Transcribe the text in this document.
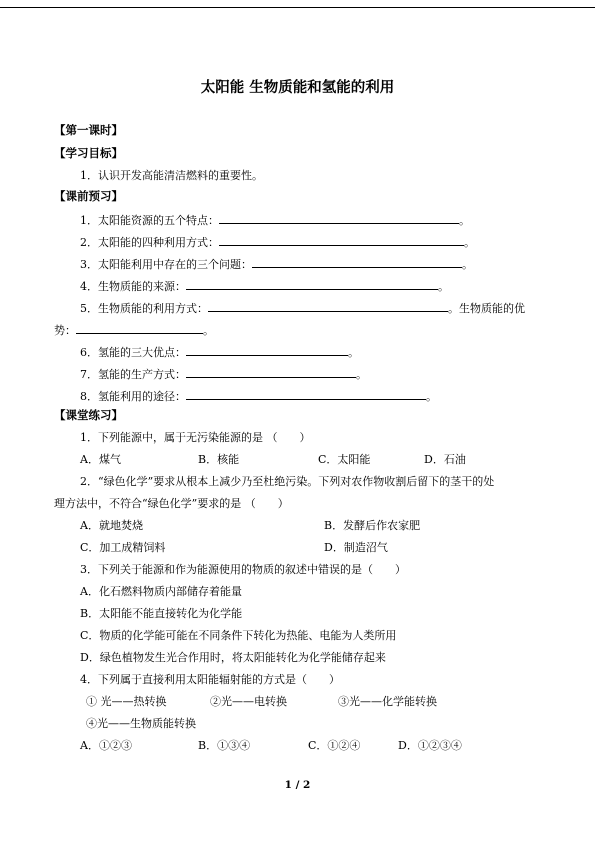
太阳能 生物质能和氢能的利用
【第一课时】
【学习目标】
1．认识开发高能清洁燃料的重要性。
【课前预习】
1．太阳能资源的五个特点：	。
2．太阳能的四种利用方式：	。
3．太阳能利用中存在的三个问题：	。
4．生物质能的来源：	。
5．生物质能的利用方式：	。生物质能的优
势：	。
6．氢能的三大优点：	。
7．氢能的生产方式：	。
8．氢能利用的途径：	。
【课堂练习】
1．下列能源中，属于无污染能源的是 （　　）
A．煤气	B．核能	C．太阳能	D．石油
2．“绿色化学”要求从根本上减少乃至杜绝污染。下列对农作物收割后留下的茎干的处
理方法中，不符合“绿色化学”要求的是 （　　）
A．就地焚烧	B．发酵后作农家肥
C．加工成精饲料	D．制造沼气
3．下列关于能源和作为能源使用的物质的叙述中错误的是（　　）
A．化石燃料物质内部储存着能量
B．太阳能不能直接转化为化学能
C．物质的化学能可能在不同条件下转化为热能、电能为人类所用
D．绿色植物发生光合作用时，将太阳能转化为化学能储存起来
4．下列属于直接利用太阳能辐射能的方式是（　　）
① 光——热转换	②光——电转换	③光——化学能转换
④光——生物质能转换
A．①②③	B．①③④	C．①②④	D．①②③④
1 / 2
